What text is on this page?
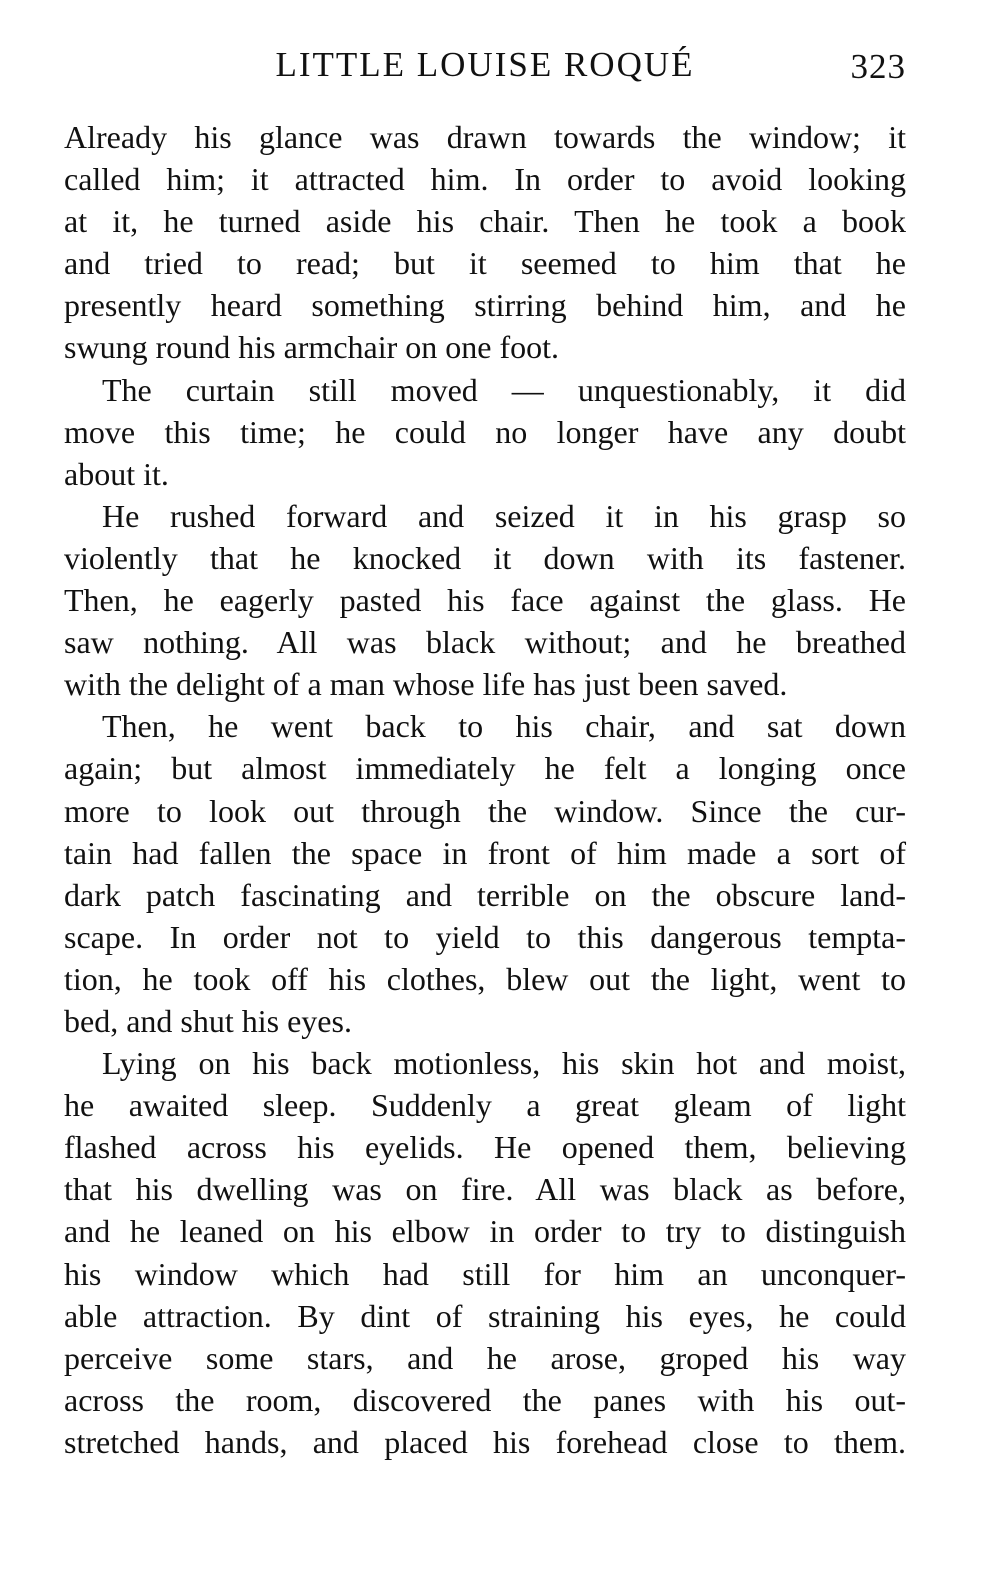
LITTLE LOUISE ROQUÉ	323

Already his glance was drawn towards the window; it
called him; it attracted him. In order to avoid looking
at it, he turned aside his chair. Then he took a book
and tried to read; but it seemed to him that he
presently heard something stirring behind him, and he
swung round his armchair on one foot.

The curtain still moved — unquestionably, it did
move this time; he could no longer have any doubt
about it.

He rushed forward and seized it in his grasp so
violently that he knocked it down with its fastener.
Then, he eagerly pasted his face against the glass. He
saw nothing. All was black without; and he breathed
with the delight of a man whose life has just been saved.

Then, he went back to his chair, and sat down
again; but almost immediately he felt a longing once
more to look out through the window. Since the cur-
tain had fallen the space in front of him made a sort of
dark patch fascinating and terrible on the obscure land-
scape. In order not to yield to this dangerous tempta-
tion, he took off his clothes, blew out the light, went to
bed, and shut his eyes.

Lying on his back motionless, his skin hot and moist,
he awaited sleep. Suddenly a great gleam of light
flashed across his eyelids. He opened them, believing
that his dwelling was on fire. All was black as before,
and he leaned on his elbow in order to try to distinguish
his window which had still for him an unconquer-
able attraction. By dint of straining his eyes, he could
perceive some stars, and he arose, groped his way
across the room, discovered the panes with his out-
stretched hands, and placed his forehead close to them.
